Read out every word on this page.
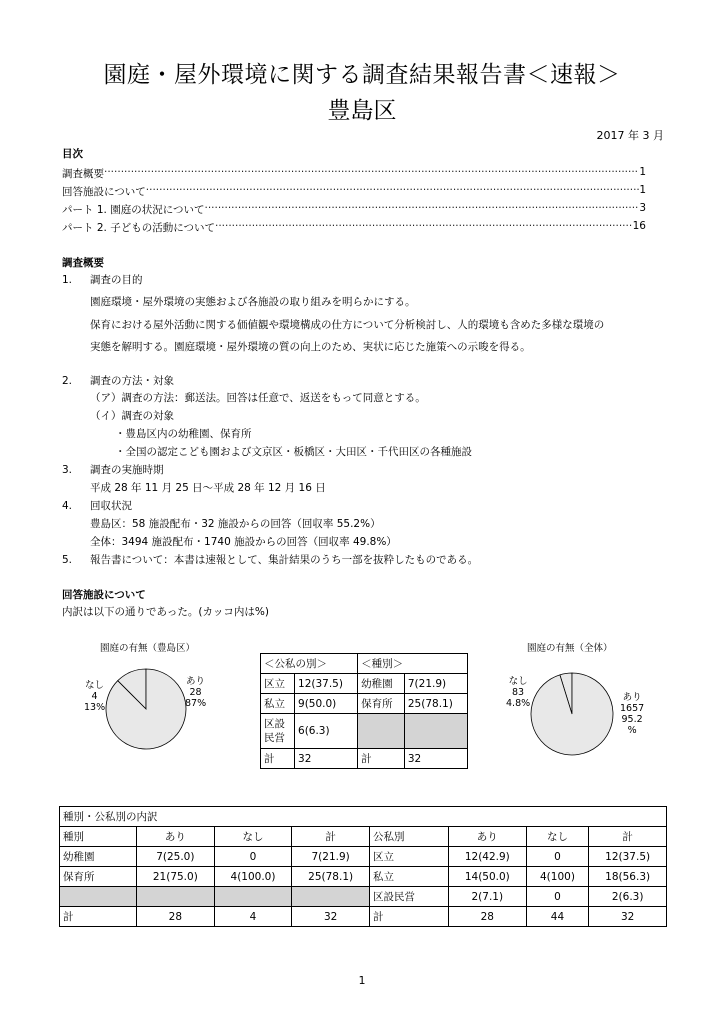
園庭・屋外環境に関する調査結果報告書＜速報＞
豊島区
2017 年 3 月
目次
調査概要 ·····	1
回答施設について ·····	1
パート 1. 園庭の状況について ·····	3
パート 2. 子どもの活動について ·····	16
調査概要
1. 調査の目的
園庭環境・屋外環境の実態および各施設の取り組みを明らかにする。
保育における屋外活動に関する価値観や環境構成の仕方について分析検討し、人的環境も含めた多様な環境の
実態を解明する。園庭環境・屋外環境の質の向上のため、実状に応じた施策への示唆を得る。
2. 調査の方法・対象
（ア）調査の方法：郵送法。回答は任意で、返送をもって同意とする。
（イ）調査の対象
・豊島区内の幼稚園、保育所
・全国の認定こども園および文京区・板橋区・大田区・千代田区の各種施設
3. 調査の実施時期
平成 28 年 11 月 25 日〜平成 28 年 12 月 16 日
4. 回収状況
豊島区：58 施設配布・32 施設からの回答（回収率 55.2%）
全体：3494 施設配布・1740 施設からの回答（回収率 49.8%）
5. 報告書について：本書は速報として、集計結果のうち一部を抜粋したものである。
回答施設について
内訳は以下の通りであった。(カッコ内は%)
園庭の有無（豊島区）
なし
4
13%
あり
28
87%
＜公私の別＞		＜種別＞	
区立	12(37.5)	幼稚園	7(21.9)
私立	9(50.0)	保育所	25(78.1)
区設
民営	6(6.3)		
計	32	計	32
園庭の有無（全体）
なし
83
4.8%
あり
1657
95.2
%
種別・公私別の内訳							
種別	あり	なし	計	公私別	あり	なし	計
幼稚園	7(25.0)	0	7(21.9)	区立	12(42.9)	0	12(37.5)
保育所	21(75.0)	4(100.0)	25(78.1)	私立	14(50.0)	4(100)	18(56.3)
				区設民営	2(7.1)	0	2(6.3)
計	28	4	32	計	28	44	32
1
